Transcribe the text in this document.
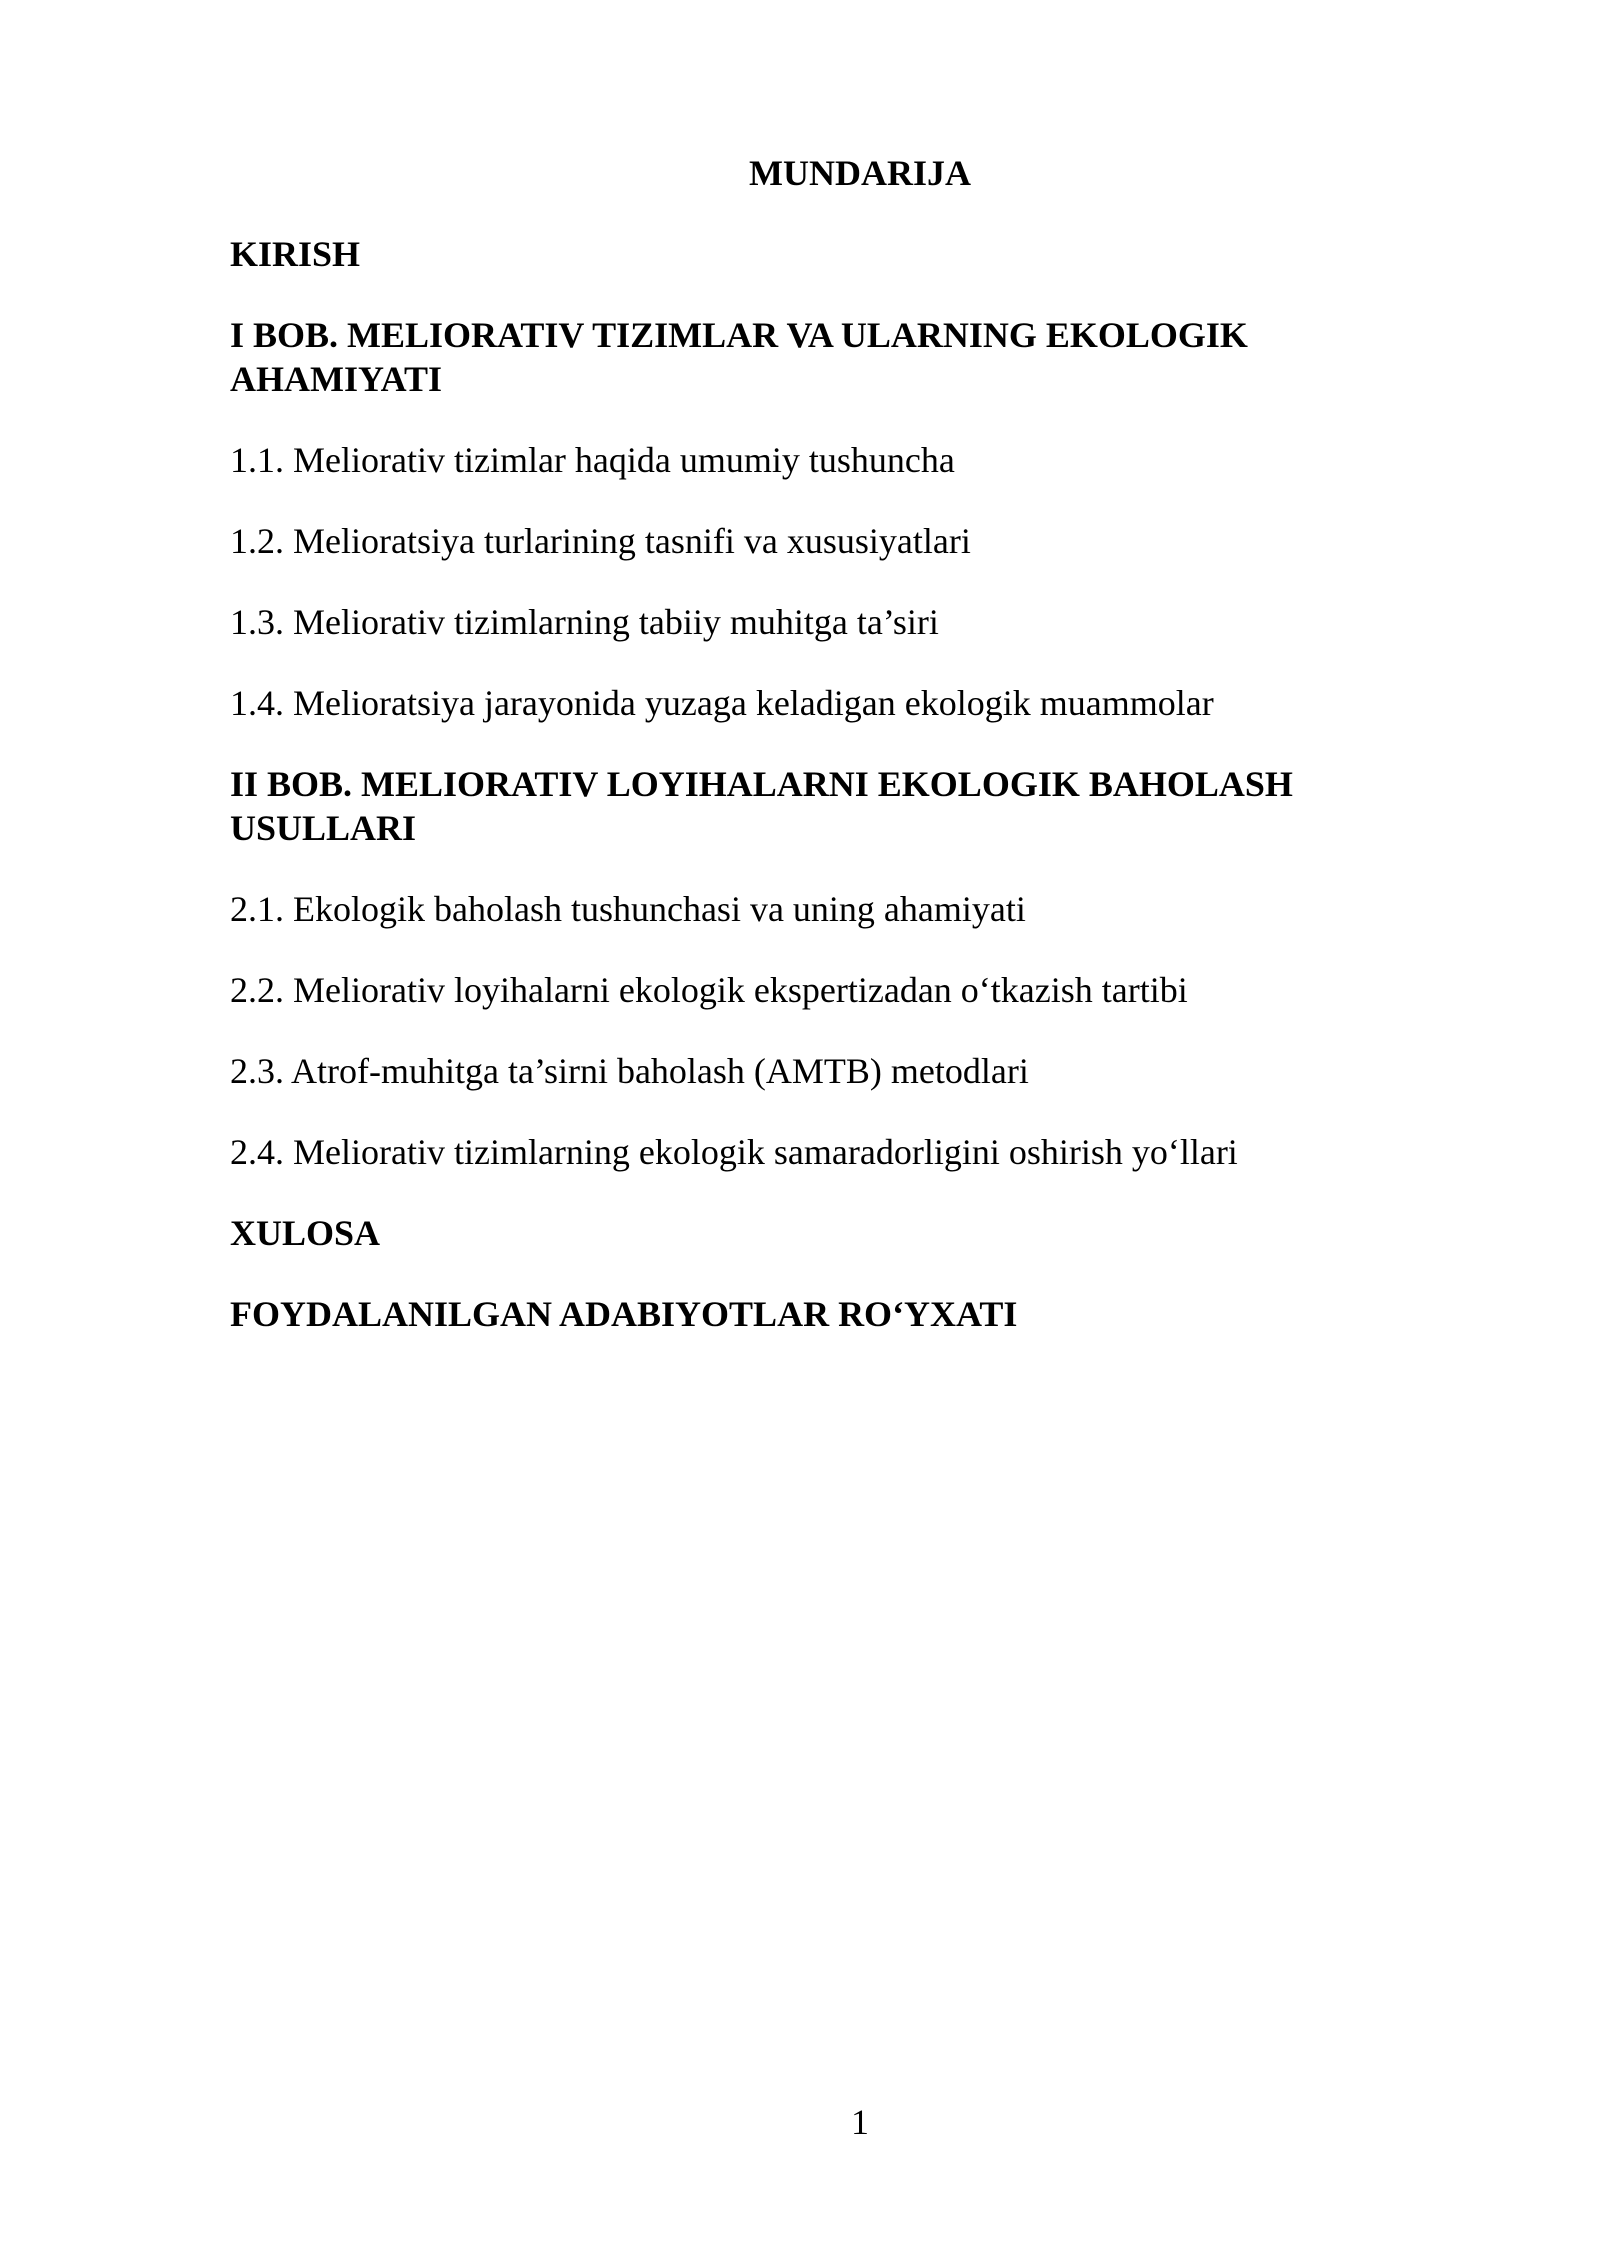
MUNDARIJA
KIRISH
I BOB. MELIORATIV TIZIMLAR VA ULARNING EKOLOGIK AHAMIYATI
1.1. Meliorativ tizimlar haqida umumiy tushuncha
1.2. Melioratsiya turlarining tasnifi va xususiyatlari
1.3. Meliorativ tizimlarning tabiiy muhitga ta’siri
1.4. Melioratsiya jarayonida yuzaga keladigan ekologik muammolar
II BOB. MELIORATIV LOYIHALARNI EKOLOGIK BAHOLASH USULLARI
2.1. Ekologik baholash tushunchasi va uning ahamiyati
2.2. Meliorativ loyihalarni ekologik ekspertizadan o‘tkazish tartibi
2.3. Atrof-muhitga ta’sirni baholash (AMTB) metodlari
2.4. Meliorativ tizimlarning ekologik samaradorligini oshirish yo‘llari
XULOSA
FOYDALANILGAN ADABIYOTLAR RO‘YXATI
1
